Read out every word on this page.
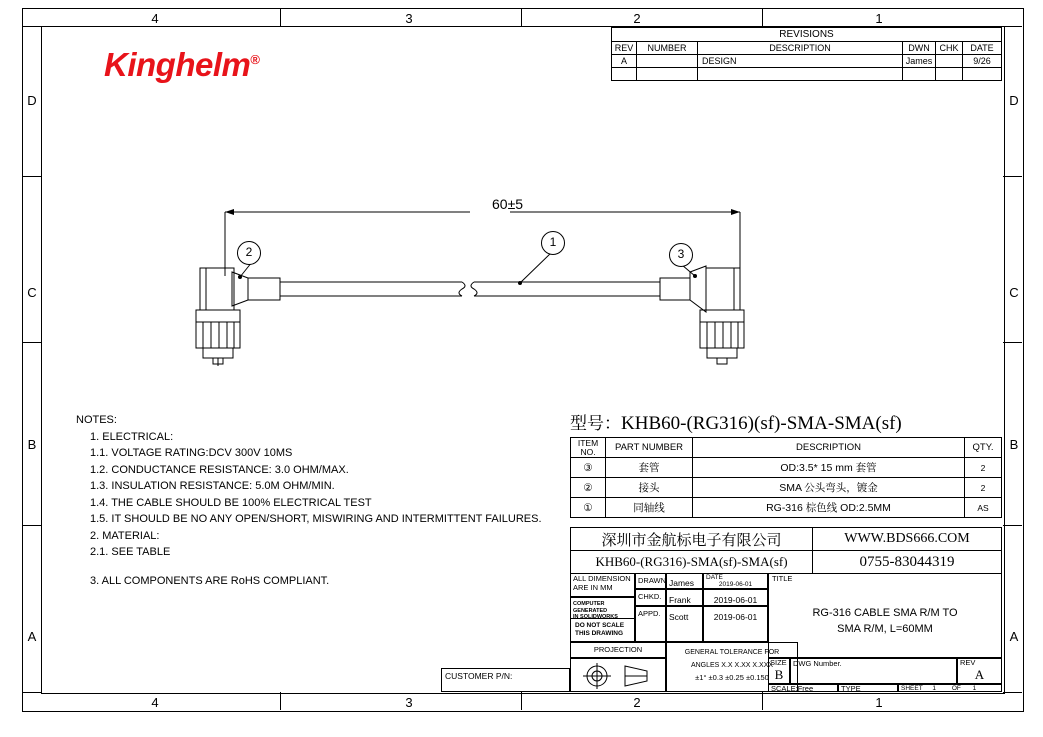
4	3	2	1
4	3	2	1
D
C
B
A
D
C
B
A
Kinghelm®
REVISIONS					
REV	NUMBER	DESCRIPTION	DWN	CHK	DATE
A		DESIGN	James		9/26

60±5
2
1
3
NOTES:
1. ELECTRICAL:
1.1. VOLTAGE RATING:DCV 300V 10MS
1.2. CONDUCTANCE RESISTANCE: 3.0 OHM/MAX.
1.3. INSULATION RESISTANCE: 5.0M OHM/MIN.
1.4. THE CABLE SHOULD BE 100% ELECTRICAL TEST
1.5. IT SHOULD BE NO ANY OPEN/SHORT, MISWIRING AND INTERMITTENT FAILURES.
2. MATERIAL:
2.1. SEE TABLE
3. ALL COMPONENTS ARE RoHS COMPLIANT.
型号：KHB60-(RG316)(sf)-SMA-SMA(sf)
ITEM
NO.	PART NUMBER	DESCRIPTION	QTY.
③	套管	OD:3.5* 15 mm 套管	2
②	接头	SMA 公头弯头，镀金	2
①	同轴线	RG-316 棕色线 OD:2.5MM	AS
深圳市金航标电子有限公司	WWW.BDS666.COM
KHB60-(RG316)-SMA(sf)-SMA(sf)	0755-83044319
ALL DIMENSION
ARE IN MM
COMPUTER GENERATED
IN SOLIDWORKS
DO NOT SCALE
THIS DRAWING
PROJECTION
DRAWN James
DATE
2019-06-01
CHKD. Frank	2019-06-01
APPD. Scott	2019-06-01
GENERAL TOLERANCE FOR
ANGLES X.X X.XX X.XXX
±1° ±0.3 ±0.25 ±0.150
TITLE
RG-316 CABLE SMA R/M TO
SMA R/M, L=60MM
SIZE
B
DWG Number.	REV
A
SCALE:Free	TYPE	SHEET 1 OF 1
CUSTOMER P/N:
